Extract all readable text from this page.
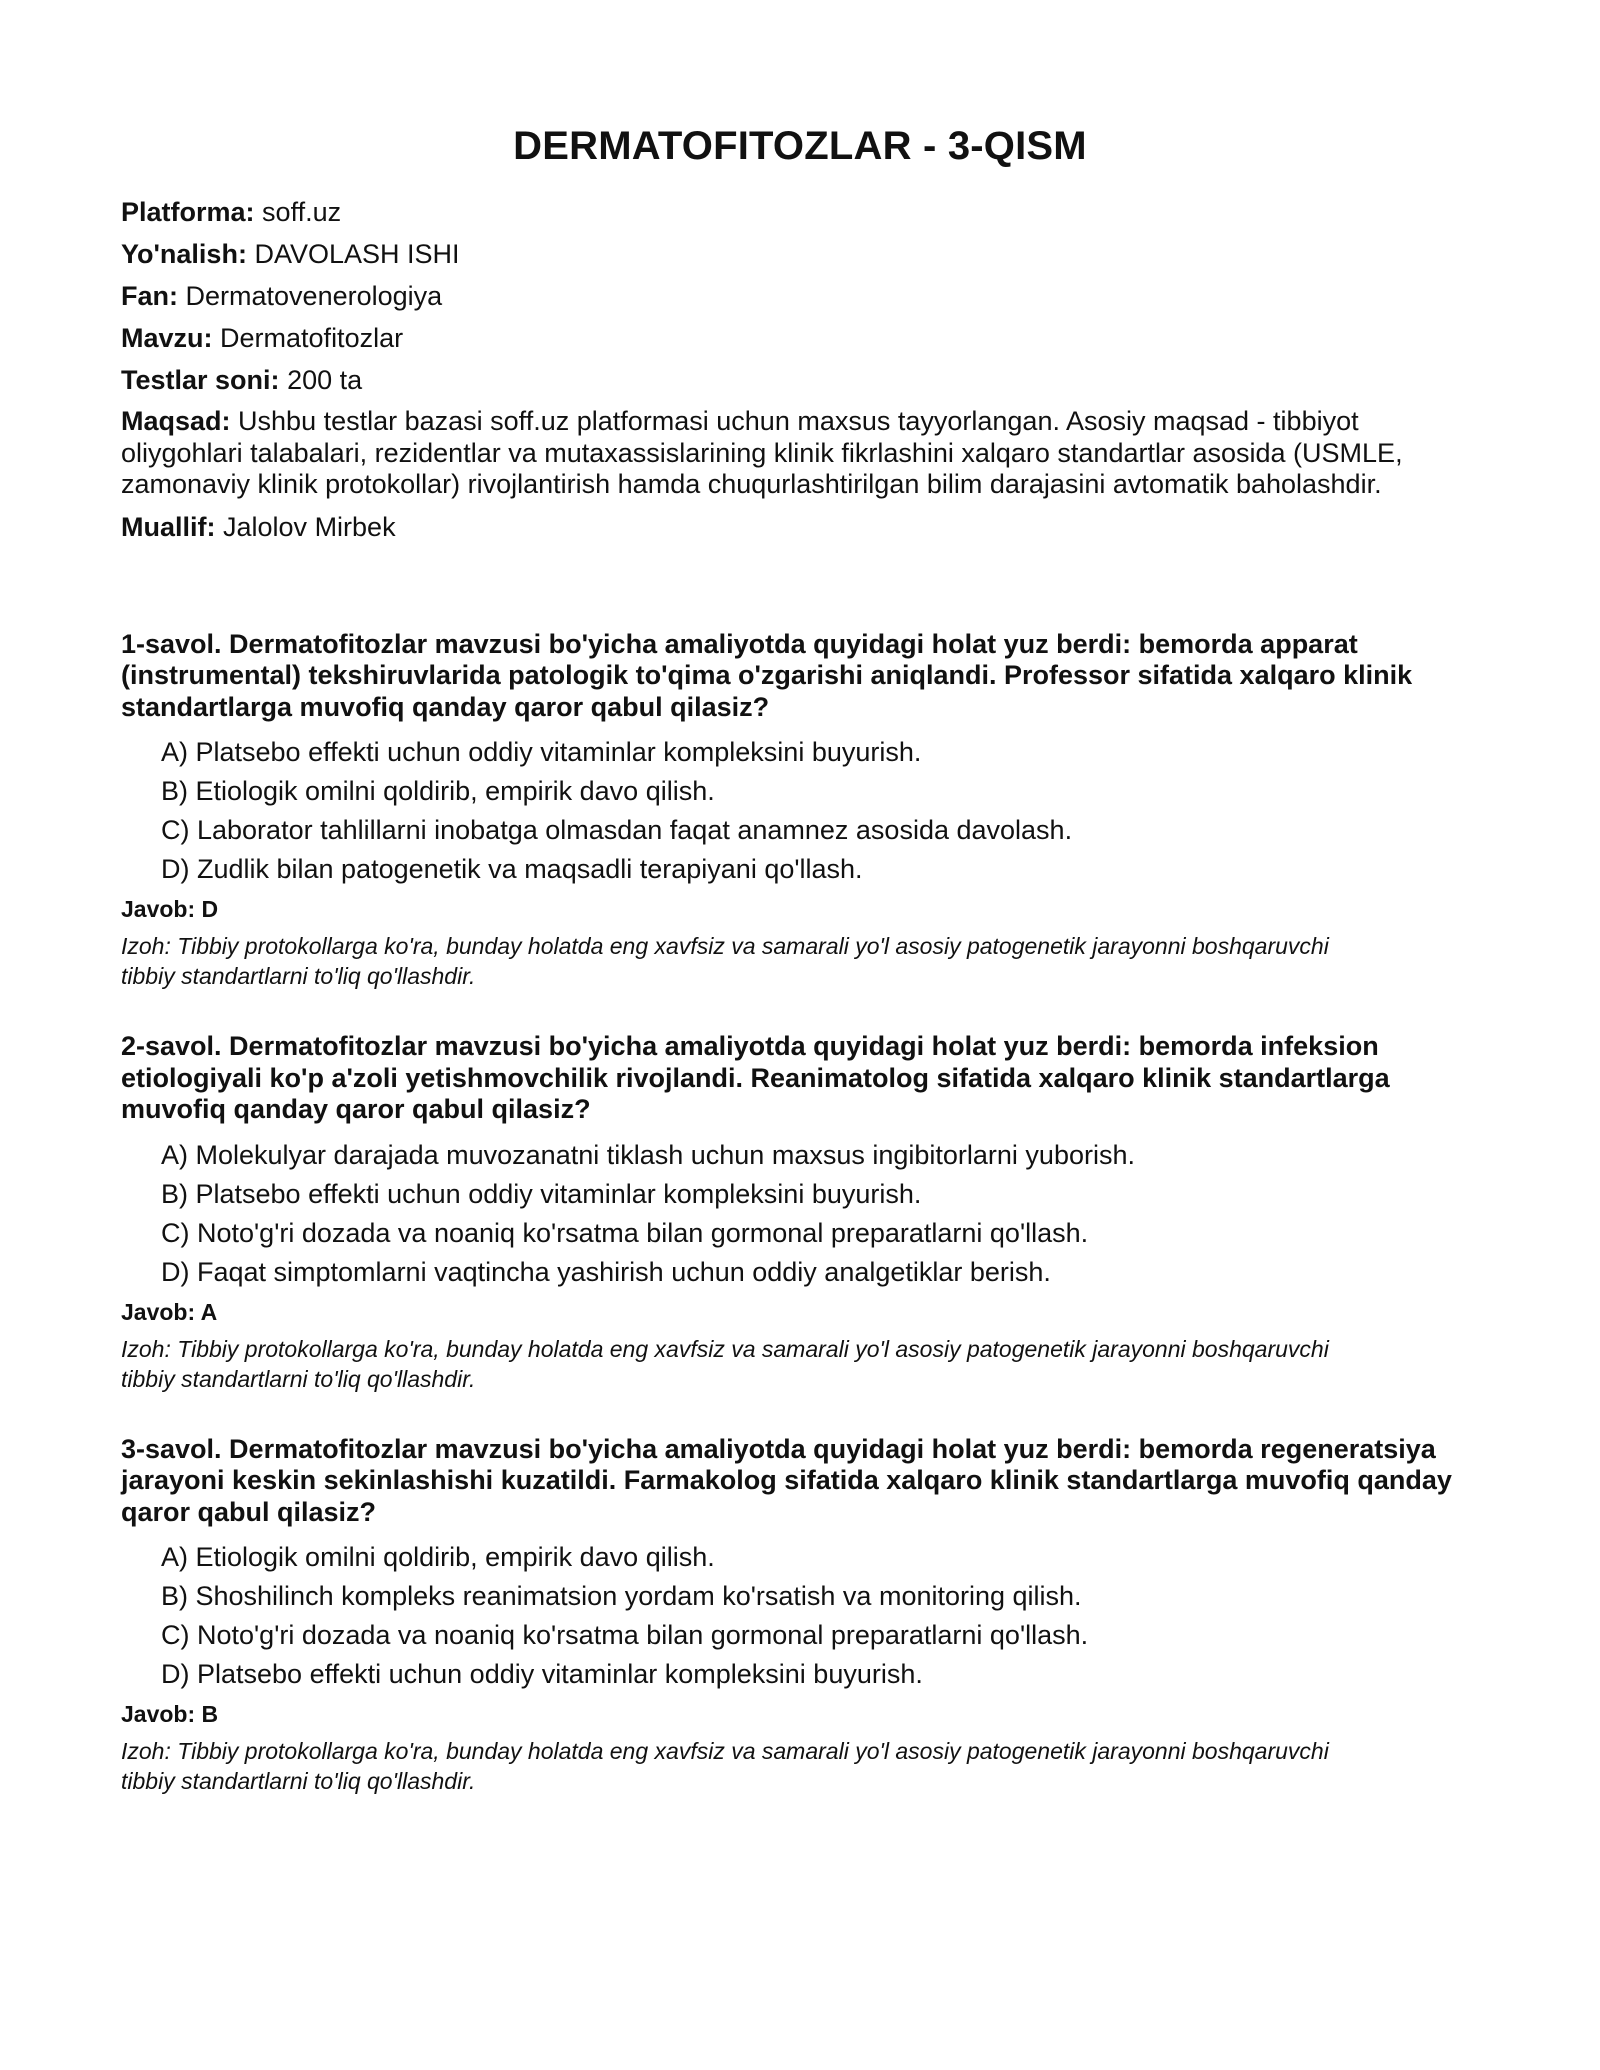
DERMATOFITOZLAR - 3-QISM

Platforma: soff.uz

Yo'nalish: DAVOLASH ISHI

Fan: Dermatovenerologiya

Mavzu: Dermatofitozlar

Testlar soni: 200 ta

Maqsad: Ushbu testlar bazasi soff.uz platformasi uchun maxsus tayyorlangan. Asosiy maqsad - tibbiyot oliygohlari talabalari, rezidentlar va mutaxassislarining klinik fikrlashini xalqaro standartlar asosida (USMLE, zamonaviy klinik protokollar) rivojlantirish hamda chuqurlashtirilgan bilim darajasini avtomatik baholashdir.

Muallif: Jalolov Mirbek

1-savol. Dermatofitozlar mavzusi bo'yicha amaliyotda quyidagi holat yuz berdi: bemorda apparat (instrumental) tekshiruvlarida patologik to'qima o'zgarishi aniqlandi. Professor sifatida xalqaro klinik standartlarga muvofiq qanday qaror qabul qilasiz?

A) Platsebo effekti uchun oddiy vitaminlar kompleksini buyurish.
B) Etiologik omilni qoldirib, empirik davo qilish.
C) Laborator tahlillarni inobatga olmasdan faqat anamnez asosida davolash.
D) Zudlik bilan patogenetik va maqsadli terapiyani qo'llash.

Javob: D

Izoh: Tibbiy protokollarga ko'ra, bunday holatda eng xavfsiz va samarali yo'l asosiy patogenetik jarayonni boshqaruvchi tibbiy standartlarni to'liq qo'llashdir.

2-savol. Dermatofitozlar mavzusi bo'yicha amaliyotda quyidagi holat yuz berdi: bemorda infeksion etiologiyali ko'p a'zoli yetishmovchilik rivojlandi. Reanimatolog sifatida xalqaro klinik standartlarga muvofiq qanday qaror qabul qilasiz?

A) Molekulyar darajada muvozanatni tiklash uchun maxsus ingibitorlarni yuborish.
B) Platsebo effekti uchun oddiy vitaminlar kompleksini buyurish.
C) Noto'g'ri dozada va noaniq ko'rsatma bilan gormonal preparatlarni qo'llash.
D) Faqat simptomlarni vaqtincha yashirish uchun oddiy analgetiklar berish.

Javob: A

Izoh: Tibbiy protokollarga ko'ra, bunday holatda eng xavfsiz va samarali yo'l asosiy patogenetik jarayonni boshqaruvchi tibbiy standartlarni to'liq qo'llashdir.

3-savol. Dermatofitozlar mavzusi bo'yicha amaliyotda quyidagi holat yuz berdi: bemorda regeneratsiya jarayoni keskin sekinlashishi kuzatildi. Farmakolog sifatida xalqaro klinik standartlarga muvofiq qanday qaror qabul qilasiz?

A) Etiologik omilni qoldirib, empirik davo qilish.
B) Shoshilinch kompleks reanimatsion yordam ko'rsatish va monitoring qilish.
C) Noto'g'ri dozada va noaniq ko'rsatma bilan gormonal preparatlarni qo'llash.
D) Platsebo effekti uchun oddiy vitaminlar kompleksini buyurish.

Javob: B

Izoh: Tibbiy protokollarga ko'ra, bunday holatda eng xavfsiz va samarali yo'l asosiy patogenetik jarayonni boshqaruvchi tibbiy standartlarni to'liq qo'llashdir.
